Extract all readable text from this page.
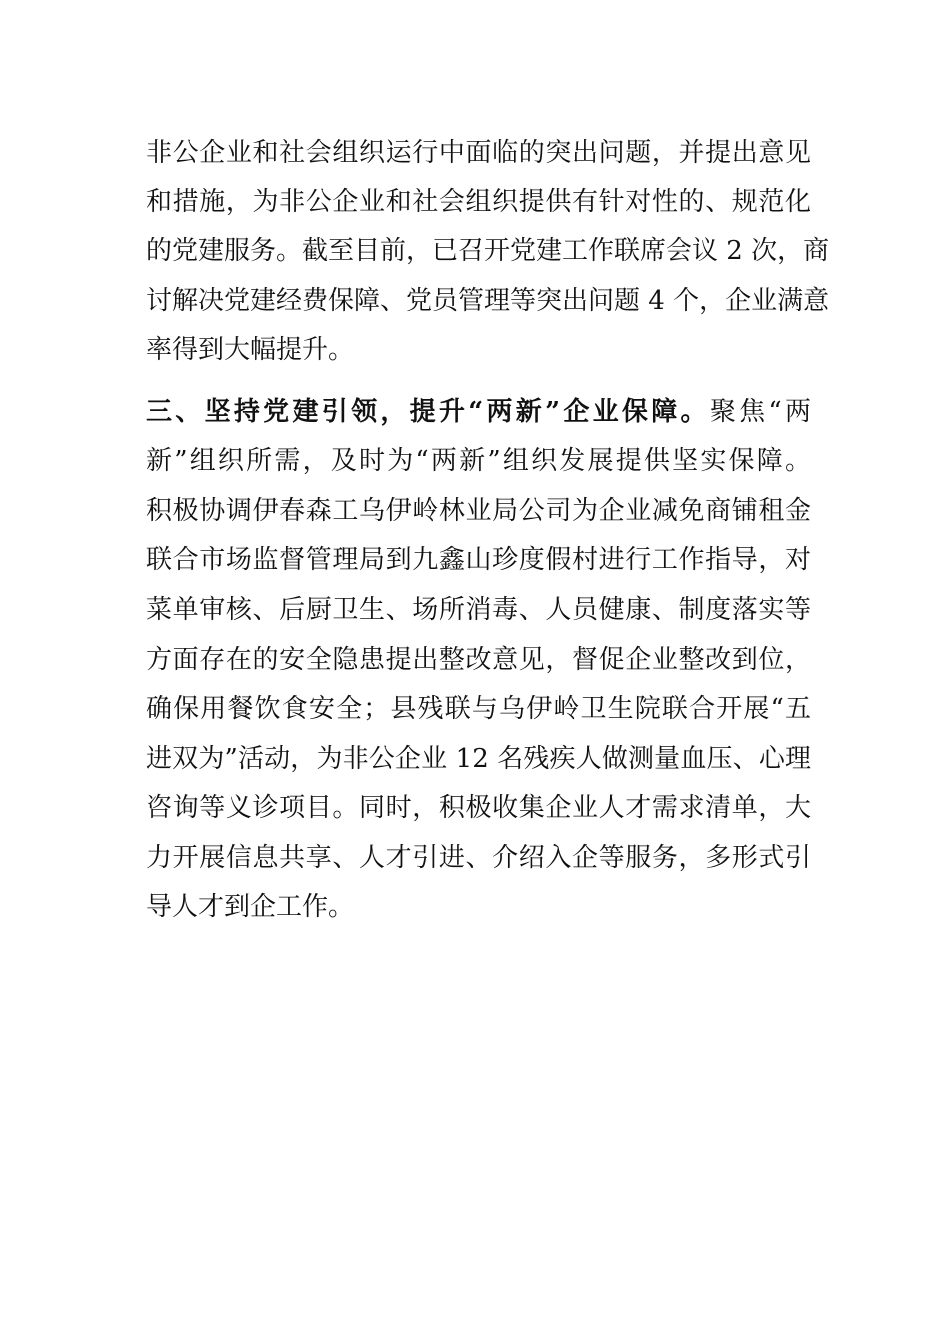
非公企业和社会组织运行中面临的突出问题，并提出意见
和措施，为非公企业和社会组织提供有针对性的、规范化
的党建服务。截至目前，已召开党建工作联席会议 2 次，商
讨解决党建经费保障、党员管理等突出问题 4 个，企业满意
率得到大幅提升。
三、坚持党建引领，提升“两新”企业保障。聚焦“两
新”组织所需，及时为“两新”组织发展提供坚实保障。
积极协调伊春森工乌伊岭林业局公司为企业减免商铺租金
联合市场监督管理局到九鑫山珍度假村进行工作指导，对
菜单审核、后厨卫生、场所消毒、人员健康、制度落实等
方面存在的安全隐患提出整改意见，督促企业整改到位，
确保用餐饮食安全；县残联与乌伊岭卫生院联合开展“五
进双为”活动，为非公企业 12 名残疾人做测量血压、心理
咨询等义诊项目。同时，积极收集企业人才需求清单，大
力开展信息共享、人才引进、介绍入企等服务，多形式引
导人才到企工作。
